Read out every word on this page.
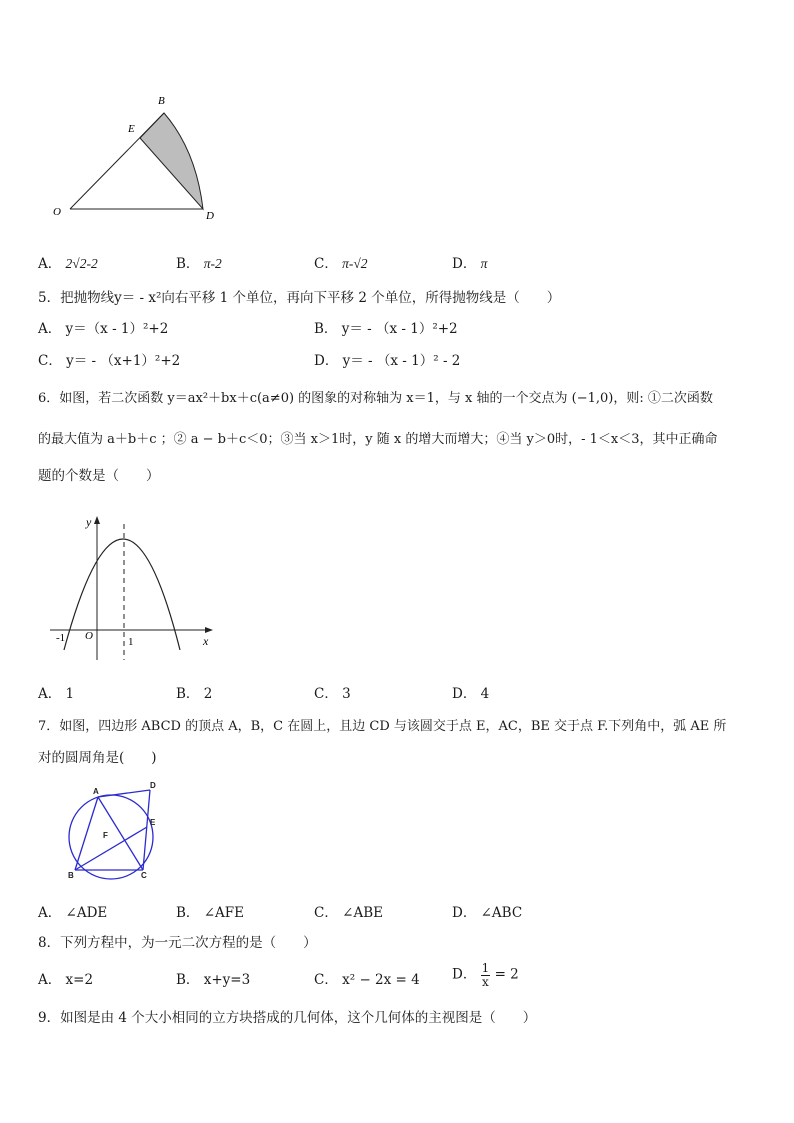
B
E
O	D
A． 2√2-2	B． π-2	C． π-√2	D． π
5．把抛物线y＝ - x²向右平移 1 个单位，再向下平移 2 个单位，所得抛物线是（　　）
A． y＝（x - 1）²+2	B． y＝ - （x - 1）²+2
C． y＝ - （x+1）²+2	D． y＝ - （x - 1）² - 2
6．如图，若二次函数 y＝ax²＋bx＋c(a≠0) 的图象的对称轴为 x＝1，与 x 轴的一个交点为 (−1,0)，则: ①二次函数
的最大值为 a＋b＋c ；② a − b＋c＜0；③当 x＞1时，y 随 x 的增大而增大；④当 y＞0时，- 1＜x＜3，其中正确命
题的个数是（　　）
y
x
O
-1	1
A． 1	B． 2	C． 3	D． 4
7．如图，四边形 ABCD 的顶点 A，B，C 在圆上，且边 CD 与该圆交于点 E，AC，BE 交于点 F.下列角中，弧 AE 所
对的圆周角是(　　)
A
D
E
F
B	C
A． ∠ADE	B． ∠AFE	C． ∠ABE	D． ∠ABC
8．下列方程中，为一元二次方程的是（　　）
A． x=2	B． x+y=3	C． x² − 2x = 4 D． $\frac{1}{x} = 2$
9．如图是由 4 个大小相同的立方块搭成的几何体，这个几何体的主视图是（　　）
